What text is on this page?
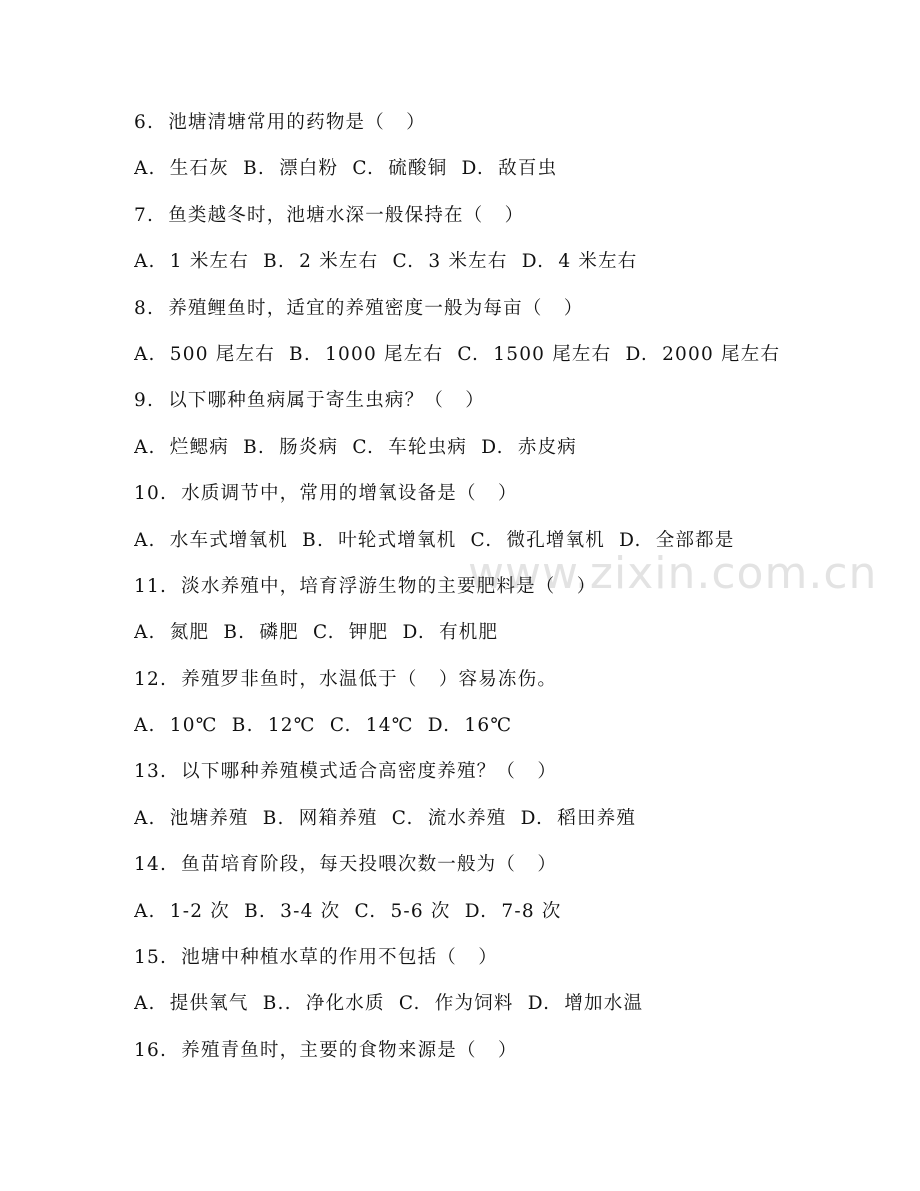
www.zixin.com.cn
6.  池塘清塘常用的药物是（   ）
A.  生石灰  B.  漂白粉  C.  硫酸铜  D.  敌百虫
7.  鱼类越冬时，池塘水深一般保持在（   ）
A.  1 米左右  B.  2 米左右  C.  3 米左右  D.  4 米左右
8.  养殖鲤鱼时，适宜的养殖密度一般为每亩（   ）
A.  500 尾左右  B.  1000 尾左右  C.  1500 尾左右  D.  2000 尾左右
9.  以下哪种鱼病属于寄生虫病？（   ）
A.  烂鳃病  B.  肠炎病  C.  车轮虫病  D.  赤皮病
10.  水质调节中，常用的增氧设备是（   ）
A.  水车式增氧机  B.  叶轮式增氧机  C.  微孔增氧机  D.  全部都是
11.  淡水养殖中，培育浮游生物的主要肥料是（   ）
A.  氮肥  B.  磷肥  C.  钾肥  D.  有机肥
12.  养殖罗非鱼时，水温低于（   ）容易冻伤。
A.  10℃  B.  12℃  C.  14℃  D.  16℃
13.  以下哪种养殖模式适合高密度养殖？（   ）
A.  池塘养殖  B.  网箱养殖  C.  流水养殖  D.  稻田养殖
14.  鱼苗培育阶段，每天投喂次数一般为（   ）
A.  1-2 次  B.  3-4 次  C.  5-6 次  D.  7-8 次
15.  池塘中种植水草的作用不包括（   ）
A.  提供氧气  B..  净化水质  C.  作为饲料  D.  增加水温
16.  养殖青鱼时，主要的食物来源是（   ）
